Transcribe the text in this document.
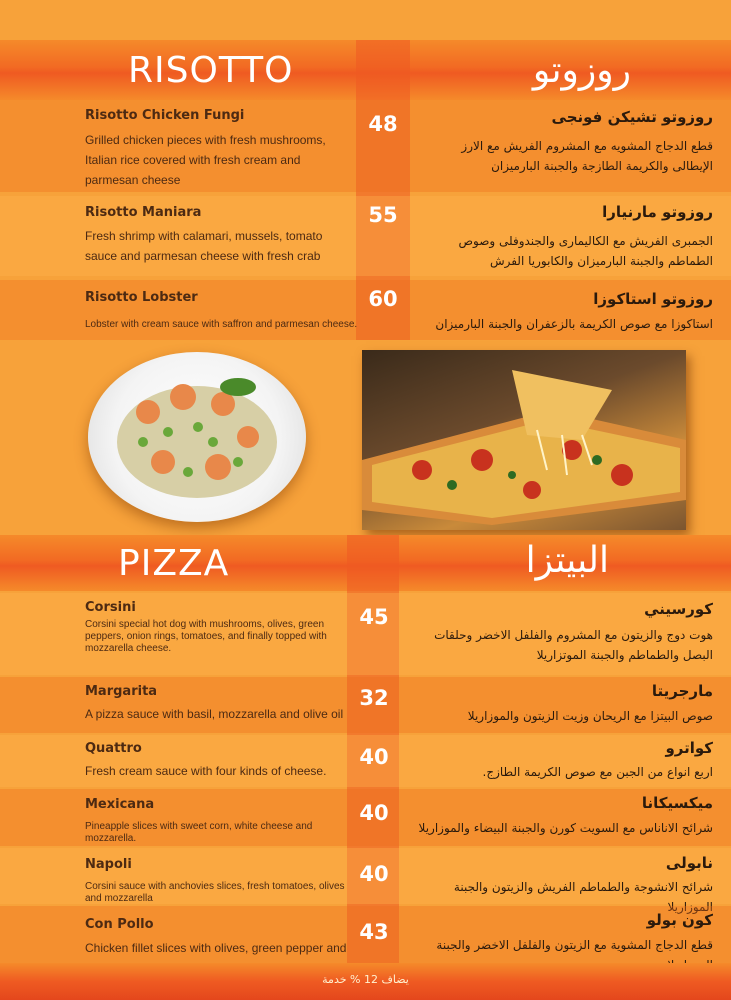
RISOTTO	روزوتو
Risotto Chicken Fungi
Grilled chicken pieces with fresh mushrooms, Italian rice covered with fresh cream and parmesan cheese
48	روزوتو تشيكن فونجى
قطع الدجاج المشويه مع المشروم الفريش مع الارز الإيطالى والكريمة الطازجة والجبنة البارميزان
Risotto Maniara
Fresh shrimp with calamari, mussels, tomato sauce and parmesan cheese with fresh crab
55	روزوتو مارنيارا
الجمبرى الفريش مع الكاليمارى والجندوفلى وصوص الطماطم والجبنة البارميزان والكابوريا الفرش
Risotto Lobster
Lobster with cream sauce with saffron and parmesan cheese.
60	روزوتو استاكوزا
استاكوزا مع صوص الكريمة بالزعفران والجبنة البارميزان
PIZZA	البيتزا
Corsini
Corsini special hot dog with mushrooms, olives, green peppers, onion rings, tomatoes, and finally topped with mozzarella cheese.
45	كورسيني
هوت دوج والزيتون مع المشروم والفلفل الاخضر وحلقات البصل والطماطم والجبنة الموتزاريلا
Margarita
A pizza sauce with basil, mozzarella and olive oil
32	مارجريتا
صوص البيتزا مع الريحان وزيت الزيتون والموزاريلا
Quattro
Fresh cream sauce with four kinds of cheese.
40	كواترو
اربع انواع من الجبن مع صوص الكريمة الطازج.
Mexicana
Pineapple slices with sweet corn, white cheese and mozzarella.
40	ميكسيكانا
شرائح الاناناس مع السويت كورن والجبنة البيضاء والموزاريلا
Napoli
Corsini sauce with anchovies slices, fresh tomatoes, olives and mozzarella
40	نابولى
شرائح الانشوجة والطماطم الفريش والزيتون والجبنة الموزاريلا
Con Pollo
Chicken fillet slices with olives, green pepper and
43	كون بولو
قطع الدجاج المشوية مع الزيتون والفلفل الاخضر والجبنة
يضاف 12 % خدمة
